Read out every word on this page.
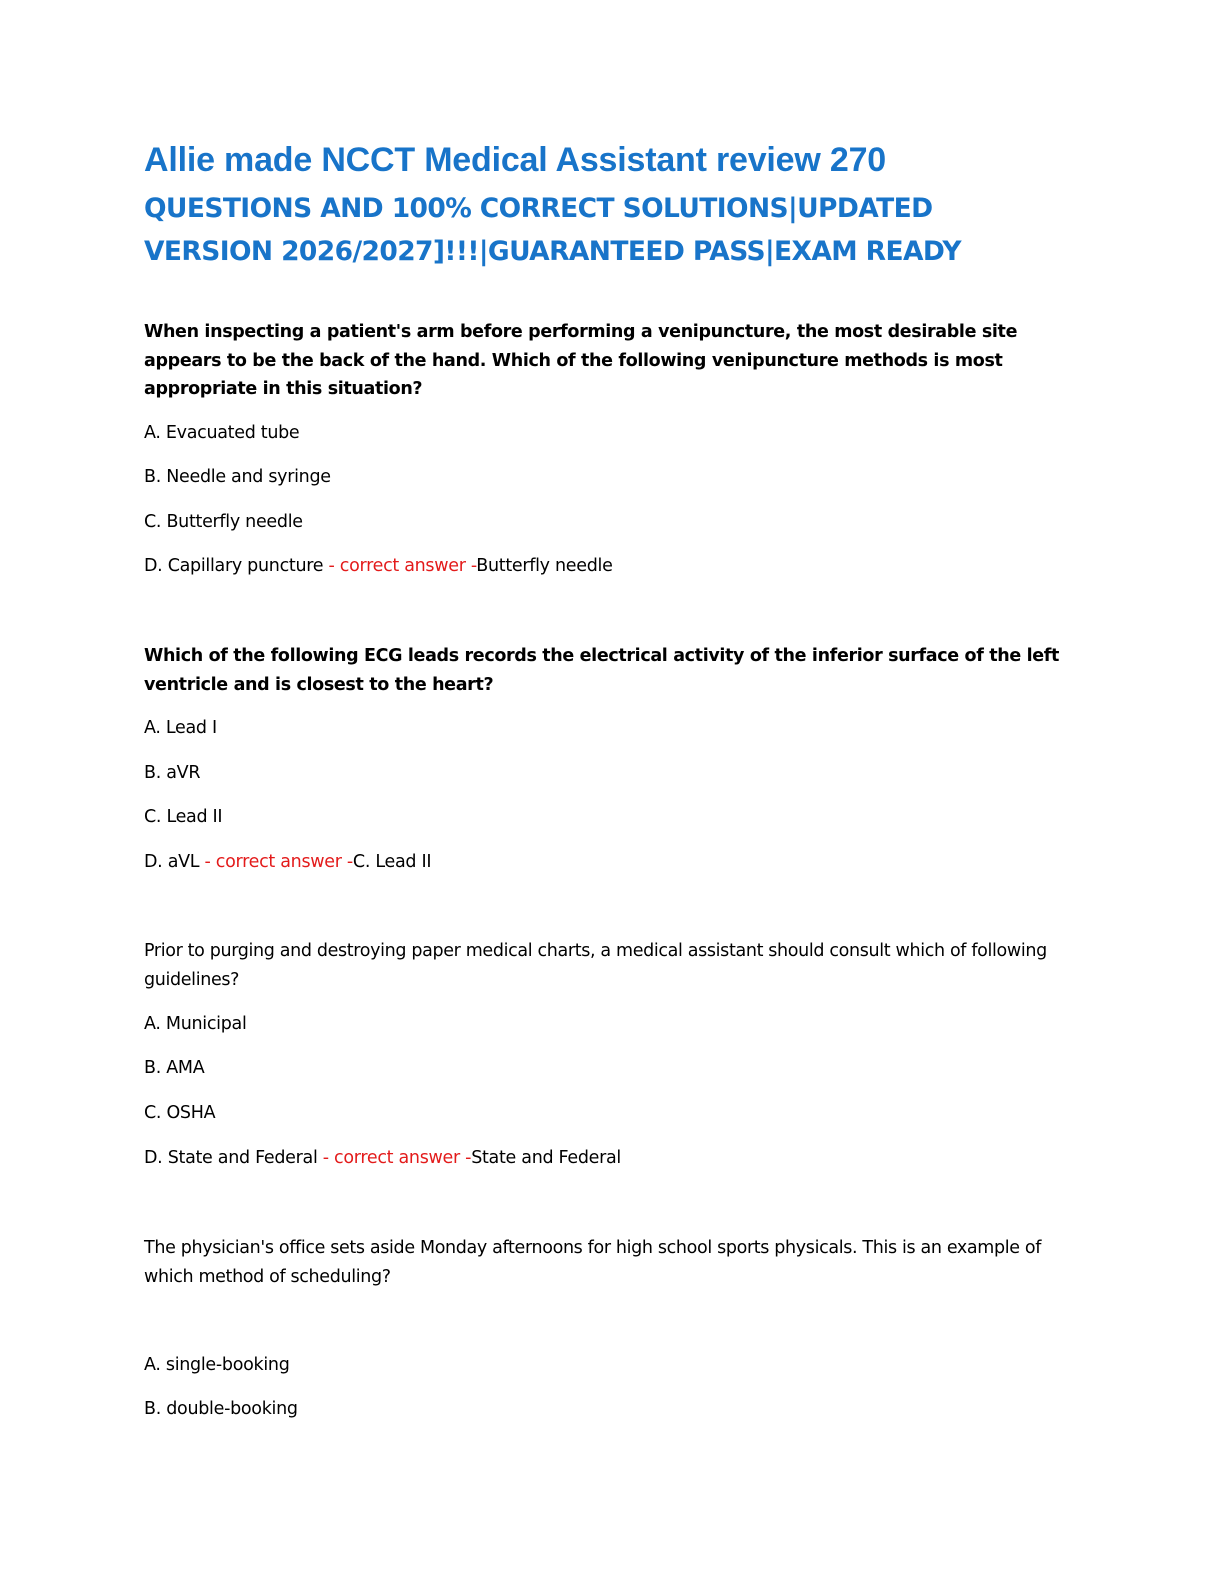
Allie made NCCT Medical Assistant review 270
QUESTIONS AND 100% CORRECT SOLUTIONS|UPDATED
VERSION 2026/2027]!!!|GUARANTEED PASS|EXAM READY
When inspecting a patient's arm before performing a venipuncture, the most desirable site appears to be the back of the hand. Which of the following venipuncture methods is most appropriate in this situation?
A. Evacuated tube
B. Needle and syringe
C. Butterfly needle
D. Capillary puncture - correct answer -Butterfly needle
Which of the following ECG leads records the electrical activity of the inferior surface of the left ventricle and is closest to the heart?
A. Lead I
B. aVR
C. Lead II
D. aVL - correct answer -C. Lead II
Prior to purging and destroying paper medical charts, a medical assistant should consult which of following guidelines?
A. Municipal
B. AMA
C. OSHA
D. State and Federal - correct answer -State and Federal
The physician's office sets aside Monday afternoons for high school sports physicals. This is an example of which method of scheduling?
A. single-booking
B. double-booking
